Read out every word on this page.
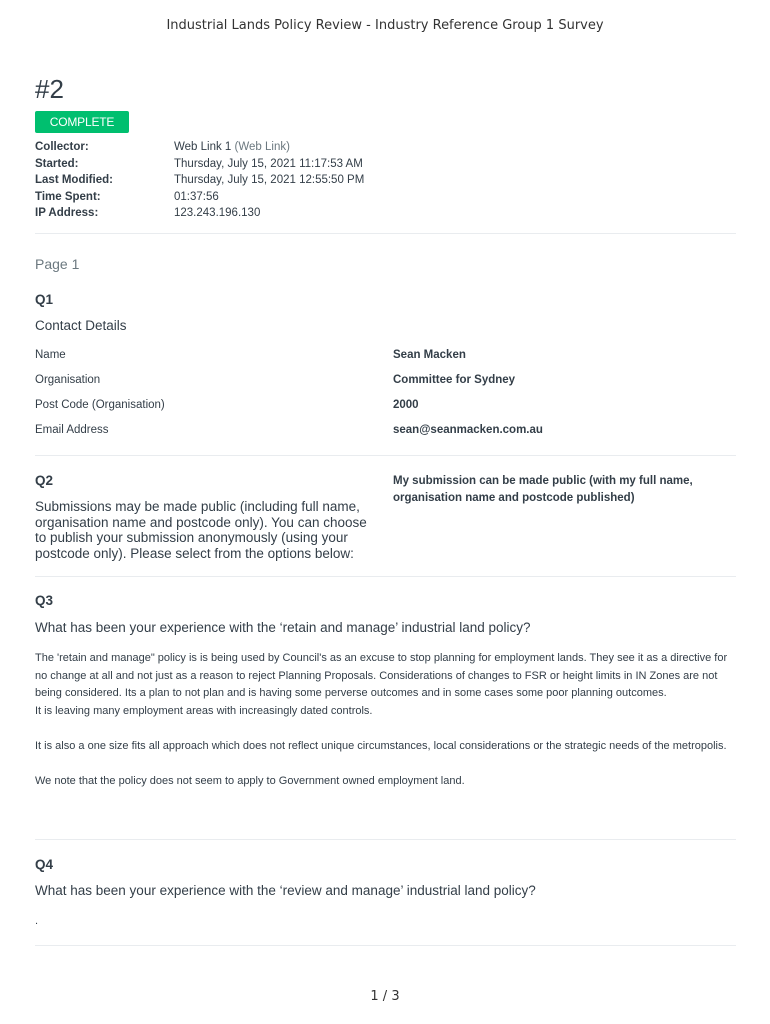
Industrial Lands Policy Review - Industry Reference Group 1 Survey
#2
COMPLETE
Collector:	Web Link 1 (Web Link)
Started:	Thursday, July 15, 2021 11:17:53 AM
Last Modified:	Thursday, July 15, 2021 12:55:50 PM
Time Spent:	01:37:56
IP Address:	123.243.196.130
Page 1
Q1
Contact Details
Name	Sean Macken
Organisation	Committee for Sydney
Post Code (Organisation)	2000
Email Address	sean@seanmacken.com.au
Q2
Submissions may be made public (including full name, organisation name and postcode only). You can choose to publish your submission anonymously (using your postcode only). Please select from the options below:
My submission can be made public (with my full name, organisation name and postcode published)
Q3
What has been your experience with the ‘retain and manage’ industrial land policy?

The 'retain and manage" policy is is being used by Council's as an excuse to stop planning for employment lands. They see it as a directive for no change at all and not just as a reason to reject Planning Proposals. Considerations of changes to FSR or height limits in IN Zones are not being considered. Its a plan to not plan and is having some perverse outcomes and in some cases some poor planning outcomes.

It is leaving many employment areas with increasingly dated controls.

It is also a one size fits all approach which does not reflect unique circumstances, local considerations or the strategic needs of the metropolis.

We note that the policy does not seem to apply to Government owned employment land.

Q4
What has been your experience with the ‘review and manage’ industrial land policy?
.
1 / 3
